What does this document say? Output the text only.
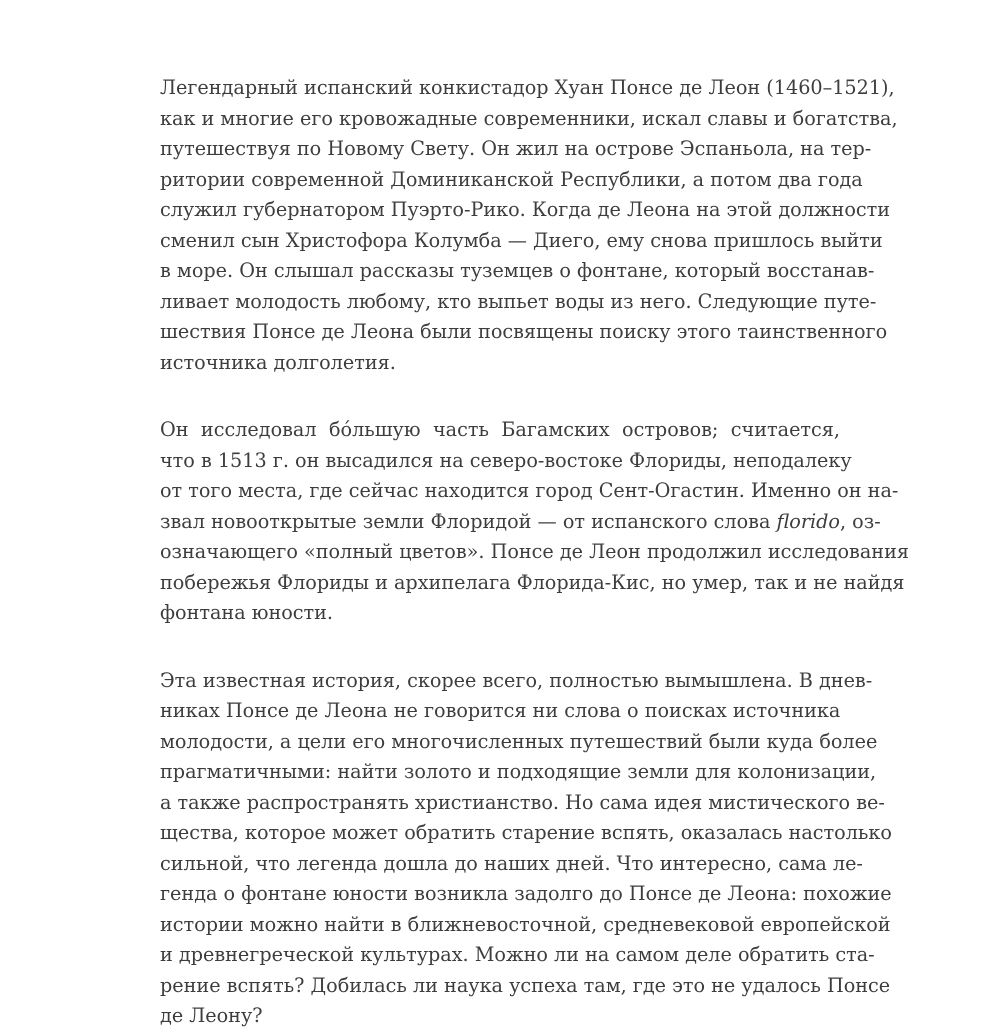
Легендарный испанский конкистадор Хуан Понсе де Леон (1460–1521),
как и многие его кровожадные современники, искал славы и богатства,
путешествуя по Новому Свету. Он жил на острове Эспаньола, на тер-
ритории современной Доминиканской Республики, а потом два года
служил губернатором Пуэрто-Рико. Когда де Леона на этой должности
сменил сын Христофора Колумба — Диего, ему снова пришлось выйти
в море. Он слышал рассказы туземцев о фонтане, который восстанав-
ливает молодость любому, кто выпьет воды из него. Следующие путе-
шествия Понсе де Леона были посвящены поиску этого таинственного
источника долголетия.
Он исследовал бóльшую часть Багамских островов; считается,
что в 1513 г. он высадился на северо-востоке Флориды, неподалеку
от того места, где сейчас находится город Сент-Огастин. Именно он на-
звал новооткрытые земли Флоридой — от испанского слова florido, оз-
означающего «полный цветов». Понсе де Леон продолжил исследования
побережья Флориды и архипелага Флорида-Кис, но умер, так и не найдя
фонтана юности.
Эта известная история, скорее всего, полностью вымышлена. В днев-
никах Понсе де Леона не говорится ни слова о поисках источника
молодости, а цели его многочисленных путешествий были куда более
прагматичными: найти золото и подходящие земли для колонизации,
а также распространять христианство. Но сама идея мистического ве-
щества, которое может обратить старение вспять, оказалась настолько
сильной, что легенда дошла до наших дней. Что интересно, сама ле-
генда о фонтане юности возникла задолго до Понсе де Леона: похожие
истории можно найти в ближневосточной, средневековой европейской
и древнегреческой культурах. Можно ли на самом деле обратить ста-
рение вспять? Добилась ли наука успеха там, где это не удалось Понсе
де Леону?
